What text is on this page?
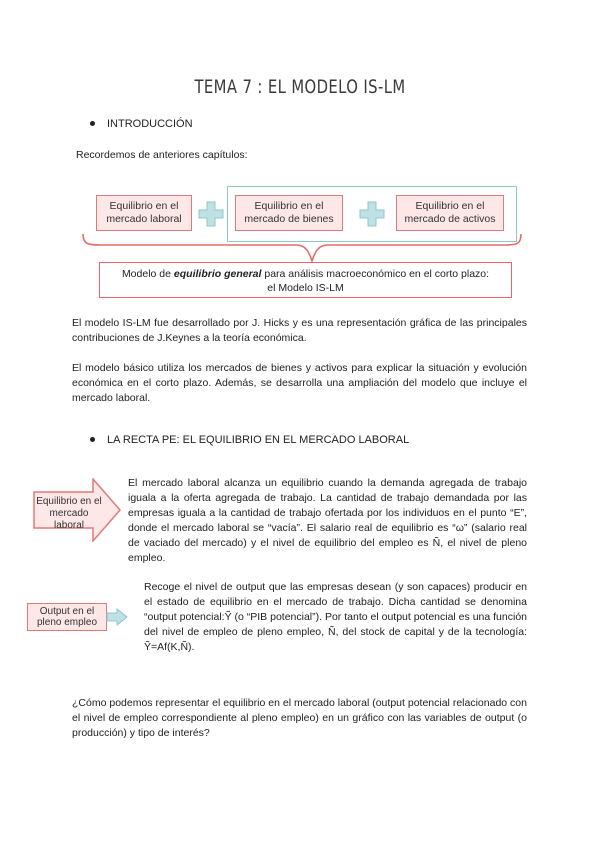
TEMA 7 : EL MODELO IS-LM
INTRODUCCIÓN
Recordemos de anteriores capítulos:
Equilibrio en el mercado laboral
Equilibrio en el mercado de bienes
Equilibrio en el mercado de activos
Modelo de equilibrio general para análisis macroeconómico en el corto plazo:
el Modelo IS-LM
El modelo IS-LM fue desarrollado por J. Hicks y es una representación gráfica de las principales contribuciones de J.Keynes a la teoría económica.
El modelo básico utiliza los mercados de bienes y activos para explicar la situación y evolución económica en el corto plazo. Además, se desarrolla una ampliación del modelo que incluye el mercado laboral.
LA RECTA PE: EL EQUILIBRIO EN EL MERCADO LABORAL
Equilibrio en el mercado laboral
El mercado laboral alcanza un equilibrio cuando la demanda agregada de trabajo iguala a la oferta agregada de trabajo. La cantidad de trabajo demandada por las empresas iguala a la cantidad de trabajo ofertada por los individuos en el punto “E”, donde el mercado laboral se “vacía”. El salario real de equilibrio es “ω” (salario real de vaciado del mercado) y el nivel de equilibrio del empleo es Ñ, el nivel de pleno empleo.
Output en el pleno empleo
Recoge el nivel de output que las empresas desean (y son capaces) producir en el estado de equilibrio en el mercado de trabajo. Dicha cantidad se denomina “output potencial:Ỹ (o “PIB potencial”). Por tanto el output potencial es una función del nivel de empleo de pleno empleo, Ñ, del stock de capital y de la tecnología: Ỹ=Af(K,Ñ).
¿Cómo podemos representar el equilibrio en el mercado laboral (output potencial relacionado con el nivel de empleo correspondiente al pleno empleo) en un gráfico con las variables de output (o producción) y tipo de interés?
